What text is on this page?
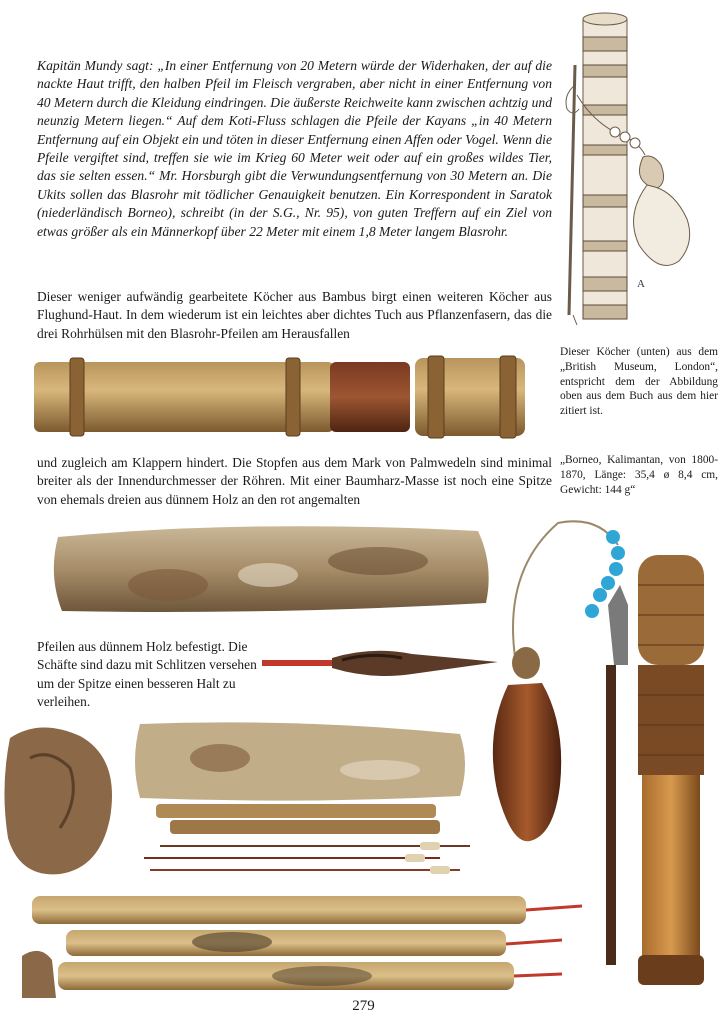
Kapitän Mundy sagt: „In einer Entfernung von 20 Metern würde der Widerhaken, der auf die nackte Haut trifft, den halben Pfeil im Fleisch vergraben, aber nicht in einer Entfernung von 40 Metern durch die Kleidung eindringen. Die äußerste Reichweite kann zwischen achtzig und neunzig Metern liegen.“ Auf dem Koti-Fluss schlagen die Pfeile der Kayans „in 40 Metern Entfernung auf ein Objekt ein und töten in dieser Entfernung einen Affen oder Vogel. Wenn die Pfeile vergiftet sind, treffen sie wie im Krieg 60 Meter weit oder auf ein großes wildes Tier, das sie selten essen.“ Mr. Horsburgh gibt die Verwundungsentfernung von 30 Metern an. Die Ukits sollen das Blasrohr mit tödlicher Genauigkeit benutzen. Ein Korrespondent in Saratok (niederländisch Borneo), schreibt (in der S.G., Nr. 95), von guten Treffern auf ein Ziel von etwas größer als ein Männerkopf über 22 Meter mit einem 1,8 Meter langem Blasrohr.
A
Dieser weniger aufwändig gearbeitete Köcher aus Bambus birgt einen weiteren Köcher aus Flughund-Haut. In dem wiederum ist ein leichtes aber dichtes Tuch aus Pflanzenfasern, das die drei Rohrhülsen mit den Blasrohr-Pfeilen am Herausfallen
Dieser Köcher (unten) aus dem „British Museum, London“, entspricht dem der Abbildung oben aus dem Buch aus dem hier zitiert ist.
„Borneo, Kalimantan, von 1800-1870, Länge: 35,4 ø 8,4 cm, Gewicht: 144 g“
und zugleich am Klappern hindert. Die Stopfen aus dem Mark von Palmwedeln sind minimal breiter als der Innendurchmesser der Röhren. Mit einer Baumharz-Masse ist noch eine Spitze von ehemals dreien aus dünnem Holz an den rot angemalten
Pfeilen aus dünnem Holz befestigt. Die Schäfte sind dazu mit Schlitzen versehen um der Spitze einen besseren Halt zu verleihen.
279
